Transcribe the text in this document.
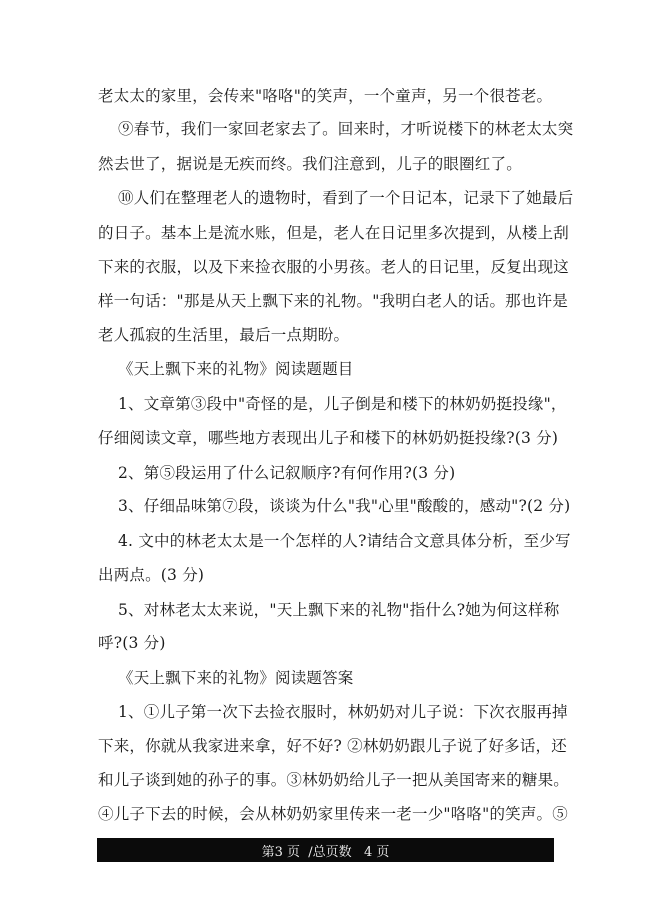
老太太的家里，会传来"咯咯"的笑声，一个童声，另一个很苍老。
⑨春节，我们一家回老家去了。回来时，才听说楼下的林老太太突
然去世了，据说是无疾而终。我们注意到，儿子的眼圈红了。
⑩人们在整理老人的遗物时，看到了一个日记本，记录下了她最后
的日子。基本上是流水账，但是，老人在日记里多次提到，从楼上刮
下来的衣服，以及下来捡衣服的小男孩。老人的日记里，反复出现这
样一句话："那是从天上飘下来的礼物。"我明白老人的话。那也许是
老人孤寂的生活里，最后一点期盼。
《天上飘下来的礼物》阅读题题目
1、文章第③段中"奇怪的是，儿子倒是和楼下的林奶奶挺投缘"，
仔细阅读文章，哪些地方表现出儿子和楼下的林奶奶挺投缘?(3 分)
2、第⑤段运用了什么记叙顺序?有何作用?(3 分)
3、仔细品味第⑦段，谈谈为什么"我"心里"酸酸的，感动"?(2 分)
4. 文中的林老太太是一个怎样的人?请结合文意具体分析，至少写
出两点。(3 分)
5、对林老太太来说，"天上飘下来的礼物"指什么?她为何这样称
呼?(3 分)
《天上飘下来的礼物》阅读题答案
1、①儿子第一次下去捡衣服时，林奶奶对儿子说：下次衣服再掉
下来，你就从我家进来拿，好不好? ②林奶奶跟儿子说了好多话，还
和儿子谈到她的孙子的事。③林奶奶给儿子一把从美国寄来的糖果。
④儿子下去的时候，会从林奶奶家里传来一老一少"咯咯"的笑声。⑤
第3 页  /总页数   4 页
